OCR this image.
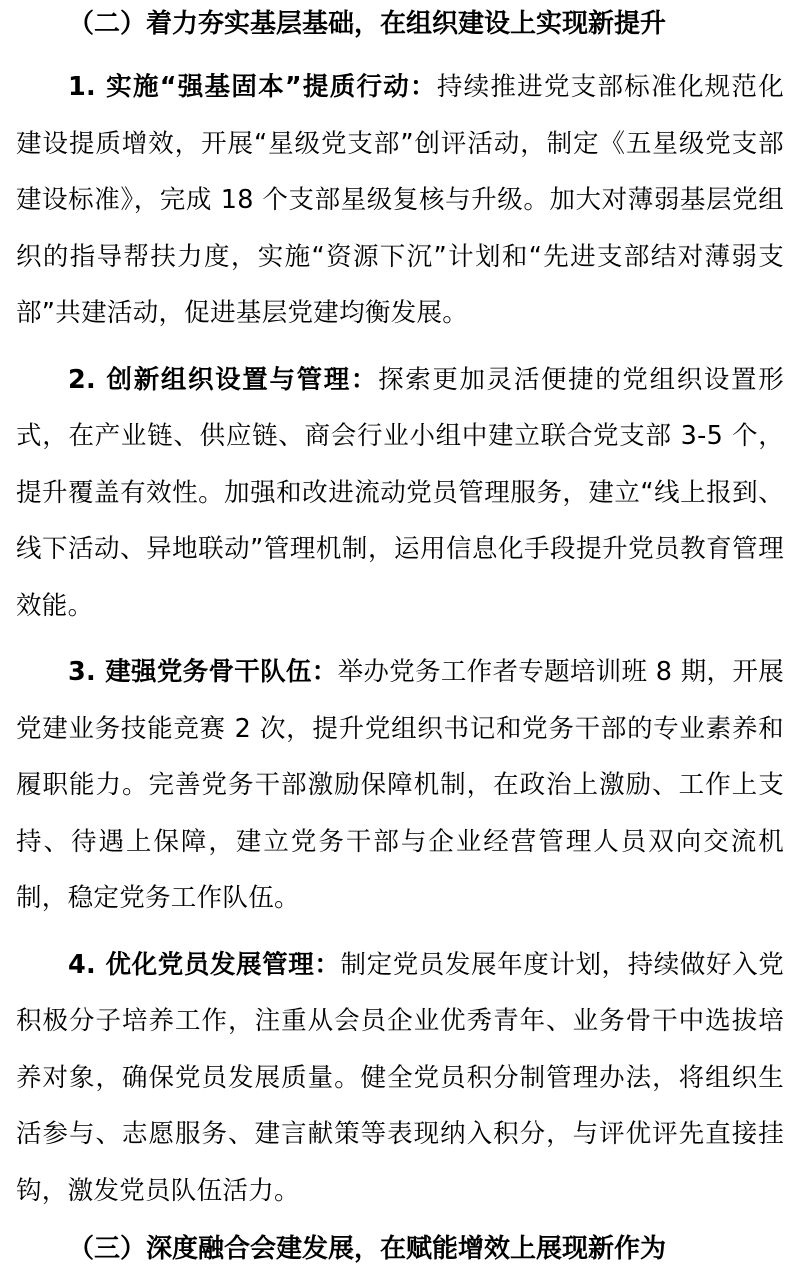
（二）着力夯实基层基础，在组织建设上实现新提升

1. 实施“强基固本”提质行动：持续推进党支部标准化规范化建设提质增效，开展“星级党支部”创评活动，制定《五星级党支部建设标准》，完成 18 个支部星级复核与升级。加大对薄弱基层党组织的指导帮扶力度，实施“资源下沉”计划和“先进支部结对薄弱支部”共建活动，促进基层党建均衡发展。

2. 创新组织设置与管理：探索更加灵活便捷的党组织设置形式，在产业链、供应链、商会行业小组中建立联合党支部 3-5 个，提升覆盖有效性。加强和改进流动党员管理服务，建立“线上报到、线下活动、异地联动”管理机制，运用信息化手段提升党员教育管理效能。

3. 建强党务骨干队伍：举办党务工作者专题培训班 8 期，开展党建业务技能竞赛 2 次，提升党组织书记和党务干部的专业素养和履职能力。完善党务干部激励保障机制，在政治上激励、工作上支持、待遇上保障，建立党务干部与企业经营管理人员双向交流机制，稳定党务工作队伍。

4. 优化党员发展管理：制定党员发展年度计划，持续做好入党积极分子培养工作，注重从会员企业优秀青年、业务骨干中选拔培养对象，确保党员发展质量。健全党员积分制管理办法，将组织生活参与、志愿服务、建言献策等表现纳入积分，与评优评先直接挂钩，激发党员队伍活力。

（三）深度融合会建发展，在赋能增效上展现新作为
